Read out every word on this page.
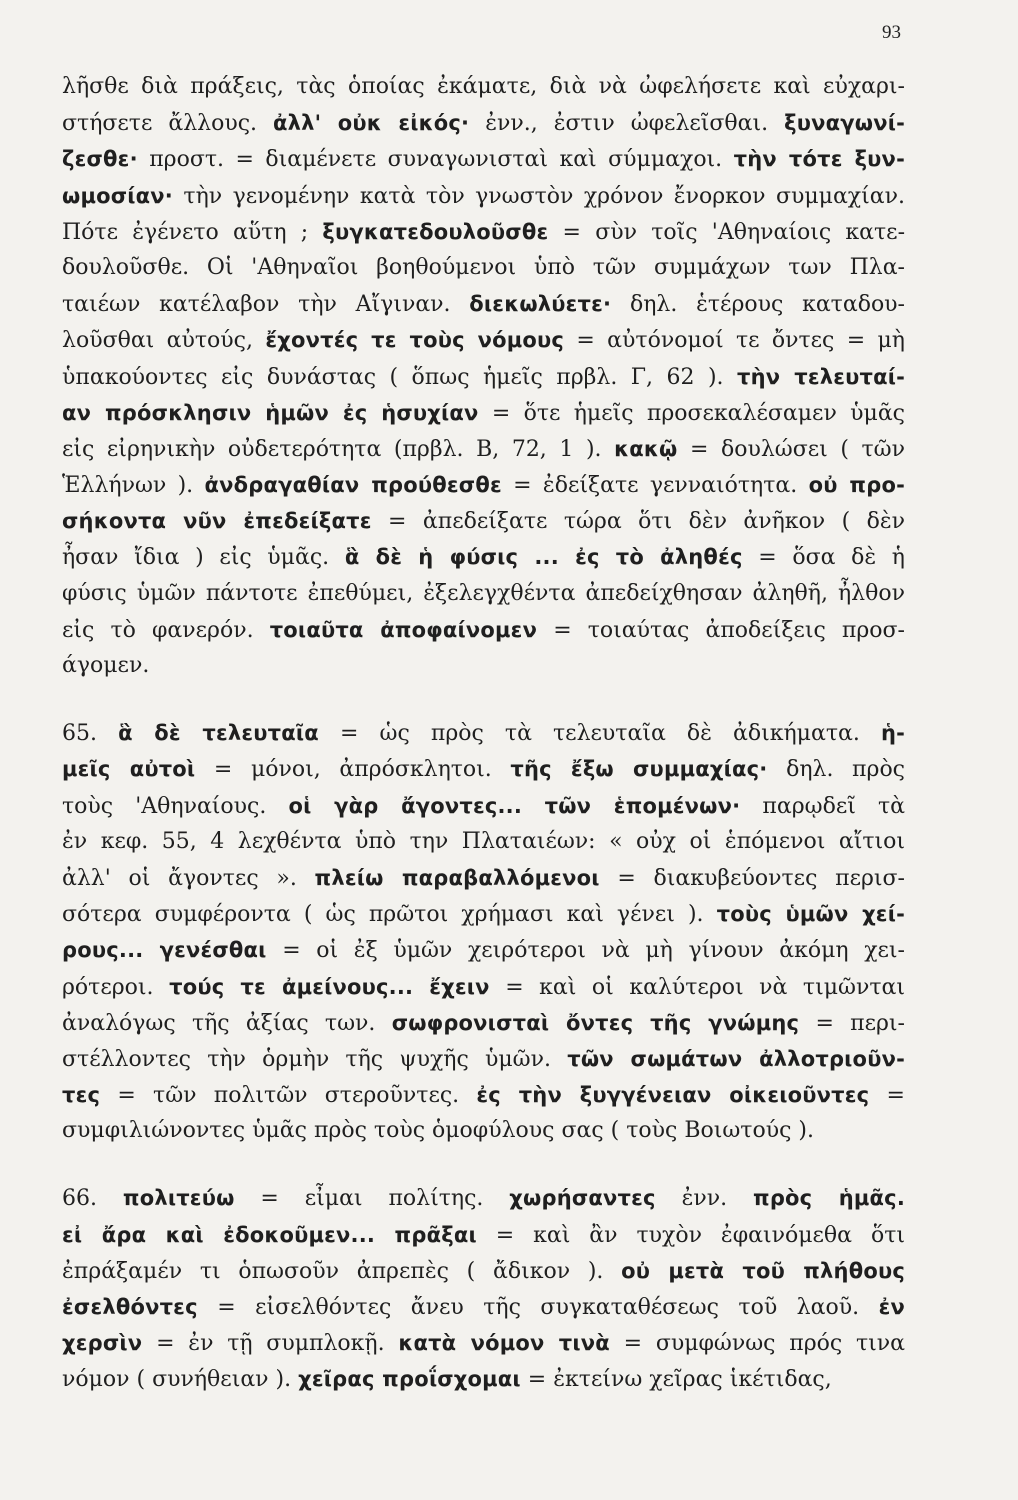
93
λῆσθε διὰ πράξεις, τὰς ὁποίας ἐκάματε, διὰ νὰ ὠφελήσετε καὶ εὐχαρι-
στήσετε ἄλλους. ἀλλ' οὐκ εἰκός· ἐνν., ἐστιν ὠφελεῖσθαι. ξυναγωνί-
ζεσθε· προστ. = διαμένετε συναγωνισταὶ καὶ σύμμαχοι. τὴν τότε ξυν-
ωμοσίαν· τὴν γενομένην κατὰ τὸν γνωστὸν χρόνον ἔνορκον συμμαχίαν.
Πότε ἐγένετο αὕτη ; ξυγκατεδουλοῦσθε = σὺν τοῖς 'Αθηναίοις κατε-
δουλοῦσθε. Οἱ 'Αθηναῖοι βοηθούμενοι ὑπὸ τῶν συμμάχων των Πλα-
ταιέων κατέλαβον τὴν Αἴγιναν. διεκωλύετε· δηλ. ἑτέρους καταδου-
λοῦσθαι αὐτούς, ἔχοντές τε τοὺς νόμους = αὐτόνομοί τε ὄντες = μὴ
ὑπακούοντες εἰς δυνάστας ( ὅπως ἡμεῖς πρβλ. Γ, 62 ). τὴν τελευταί-
αν πρόσκλησιν ἡμῶν ἐς ἡσυχίαν = ὅτε ἡμεῖς προσεκαλέσαμεν ὑμᾶς
εἰς εἰρηνικὴν οὐδετερότητα (πρβλ. Β, 72, 1 ). κακῷ = δουλώσει ( τῶν
Ἑλλήνων ). ἀνδραγαθίαν προύθεσθε = ἐδείξατε γενναιότητα. οὐ προ-
σήκοντα νῦν ἐπεδείξατε = ἀπεδείξατε τώρα ὅτι δὲν ἀνῆκον ( δὲν
ἦσαν ἴδια ) εἰς ὑμᾶς. ἃ δὲ ἡ φύσις ... ἐς τὸ ἀληθές = ὅσα δὲ ἡ
φύσις ὑμῶν πάντοτε ἐπεθύμει, ἐξελεγχθέντα ἀπεδείχθησαν ἀληθῆ, ἦλθον
εἰς τὸ φανερόν. τοιαῦτα ἀποφαίνομεν = τοιαύτας ἀποδείξεις προσ-
άγομεν.
65. ἃ δὲ τελευταῖα = ὡς πρὸς τὰ τελευταῖα δὲ ἀδικήματα. ἡ-
μεῖς αὐτοὶ = μόνοι, ἀπρόσκλητοι. τῆς ἔξω συμμαχίας· δηλ. πρὸς
τοὺς 'Αθηναίους. οἱ γὰρ ἄγοντες... τῶν ἑπομένων· παρῳδεῖ τὰ
ἐν κεφ. 55, 4 λεχθέντα ὑπὸ την Πλαταιέων: « οὐχ οἱ ἑπόμενοι αἴτιοι
ἀλλ' οἱ ἄγοντες ». πλείω παραβαλλόμενοι = διακυβεύοντες περισ-
σότερα συμφέροντα ( ὡς πρῶτοι χρήμασι καὶ γένει ). τοὺς ὑμῶν χεί-
ρους... γενέσθαι = οἱ ἐξ ὑμῶν χειρότεροι νὰ μὴ γίνουν ἀκόμη χει-
ρότεροι. τούς τε ἀμείνους... ἔχειν = καὶ οἱ καλύτεροι νὰ τιμῶνται
ἀναλόγως τῆς ἀξίας των. σωφρονισταὶ ὄντες τῆς γνώμης = περι-
στέλλοντες τὴν ὁρμὴν τῆς ψυχῆς ὑμῶν. τῶν σωμάτων ἀλλοτριοῦν-
τες = τῶν πολιτῶν στεροῦντες. ἐς τὴν ξυγγένειαν οἰκειοῦντες =
συμφιλιώνοντες ὑμᾶς πρὸς τοὺς ὁμοφύλους σας ( τοὺς Βοιωτούς ).
66. πολιτεύω = εἶμαι πολίτης. χωρήσαντες ἐνν. πρὸς ἡμᾶς.
εἰ ἄρα καὶ ἐδοκοῦμεν... πρᾶξαι = καὶ ἂν τυχὸν ἐφαινόμεθα ὅτι
ἐπράξαμέν τι ὁπωσοῦν ἀπρεπὲς ( ἄδικον ). οὐ μετὰ τοῦ πλήθους
ἐσελθόντες = εἰσελθόντες ἄνευ τῆς συγκαταθέσεως τοῦ λαοῦ. ἐν
χερσὶν = ἐν τῇ συμπλοκῇ. κατὰ νόμον τινὰ = συμφώνως πρός τινα
νόμον ( συνήθειαν ). χεῖρας προΐσχομαι = ἐκτείνω χεῖρας ἱκέτιδας,
